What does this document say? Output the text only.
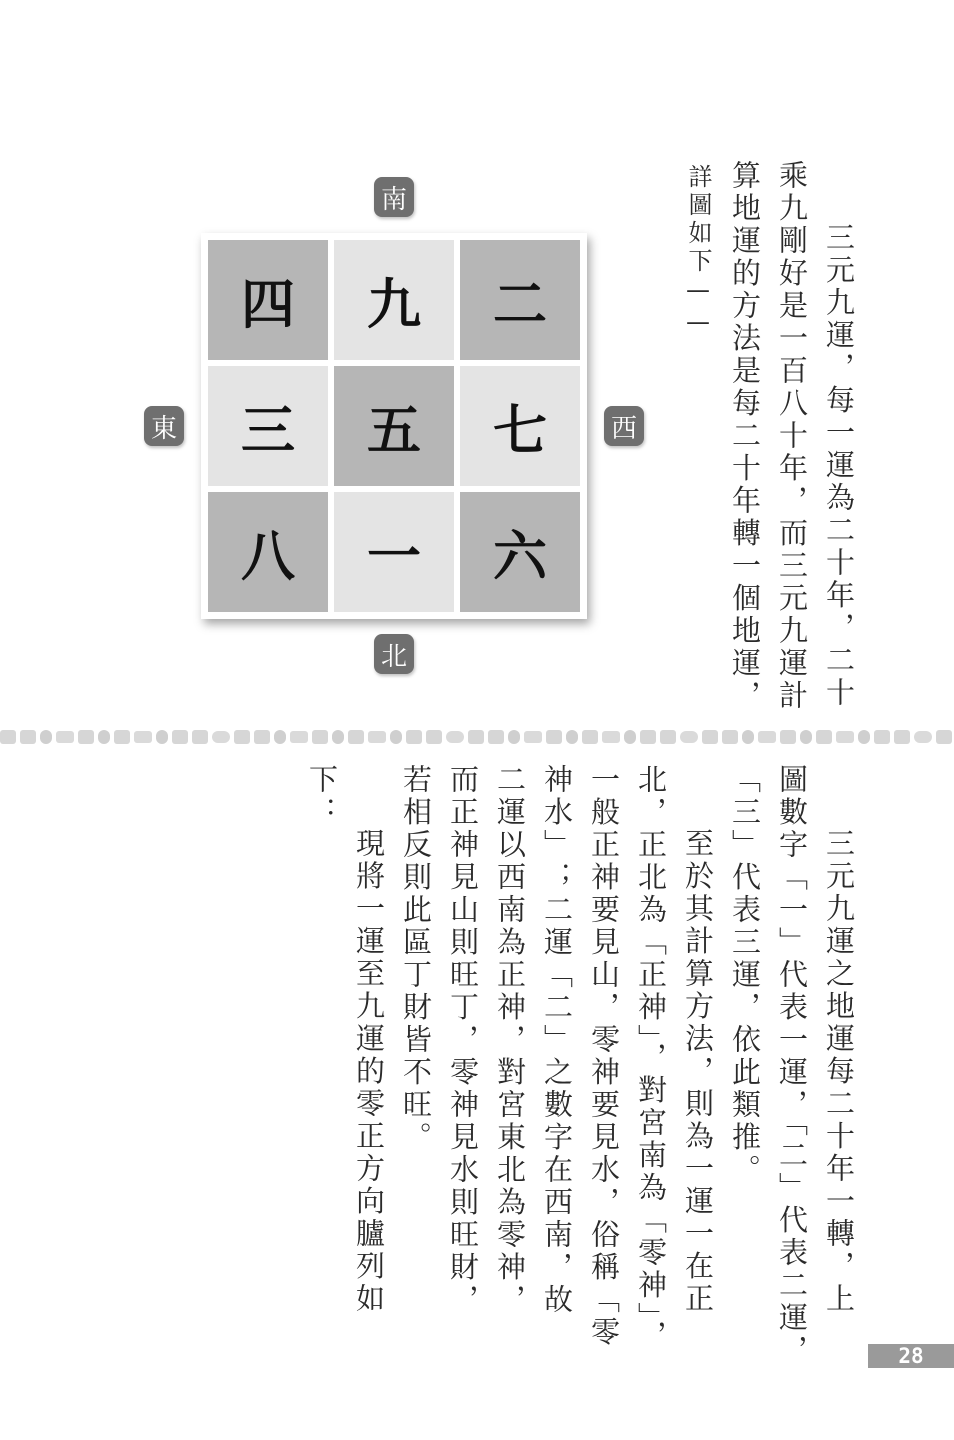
三元九運，每一運為二十年，二十
乘九剛好是一百八十年，而三元九運計
算地運的方法是每二十年轉一個地運，
詳圖如下——
南
北
東	西
四	九	二
三	五	七
八	一	六
三元九運之地運每二十年一轉，上
圖數字「一」代表一運，「二」代表二運，
「三」代表三運，依此類推。
至於其計算方法，則為一運一在正
北，正北為「正神」，對宮南為「零神」，
一般正神要見山，零神要見水，俗稱「零
神水」；二運「二」之數字在西南，故
二運以西南為正神，對宮東北為零神，
而正神見山則旺丁，零神見水則旺財，
若相反則此區丁財皆不旺。
現將一運至九運的零正方向臚列如
下：
28
